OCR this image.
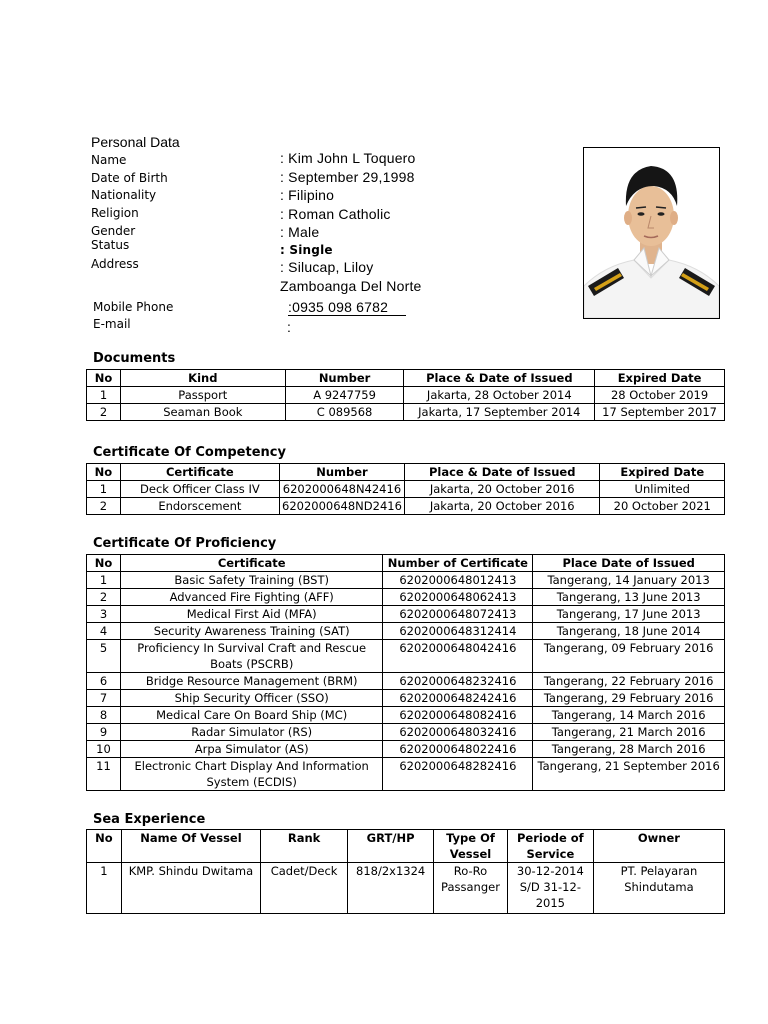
Personal Data
Name	: Kim John L Toquero
Date of Birth	: September 29,1998
Nationality	: Filipino
Religion	: Roman Catholic
Gender	: Male
Status	: Single
Address	: Silucap, Liloy
Zamboanga Del Norte
Mobile Phone	:0935 098 6782
E-mail	:
Documents
No	Kind	Number	Place & Date of Issued	Expired Date
1	Passport	A 9247759	Jakarta, 28 October 2014	28 October 2019
2	Seaman Book	C 089568	Jakarta, 17 September 2014	17 September 2017
Certificate Of Competency
No	Certificate	Number	Place & Date of Issued	Expired Date
1	Deck Officer Class IV	6202000648N42416	Jakarta, 20 October 2016	Unlimited
2	Endorscement	6202000648ND2416	Jakarta, 20 October 2016	20 October 2021
Certificate Of Proficiency
No	Certificate	Number of Certificate	Place Date of Issued
1	Basic Safety Training (BST)	6202000648012413	Tangerang, 14 January 2013
2	Advanced Fire Fighting (AFF)	6202000648062413	Tangerang, 13 June 2013
3	Medical First Aid (MFA)	6202000648072413	Tangerang, 17 June 2013
4	Security Awareness Training (SAT)	6202000648312414	Tangerang, 18 June 2014
5	Proficiency In Survival Craft and Rescue Boats (PSCRB)	6202000648042416	Tangerang, 09 February 2016
6	Bridge Resource Management (BRM)	6202000648232416	Tangerang, 22 February 2016
7	Ship Security Officer (SSO)	6202000648242416	Tangerang, 29 February 2016
8	Medical Care On Board Ship (MC)	6202000648082416	Tangerang, 14 March 2016
9	Radar Simulator (RS)	6202000648032416	Tangerang, 21 March 2016
10	Arpa Simulator (AS)	6202000648022416	Tangerang, 28 March 2016
11	Electronic Chart Display And Information System (ECDIS)	6202000648282416	Tangerang, 21 September 2016
Sea Experience
No	Name Of Vessel	Rank	GRT/HP	Type Of Vessel	Periode of Service	Owner
1	KMP. Shindu Dwitama	Cadet/Deck	818/2x1324	Ro-Ro Passanger	30-12-2014 S/D 31-12-2015	PT. Pelayaran Shindutama
